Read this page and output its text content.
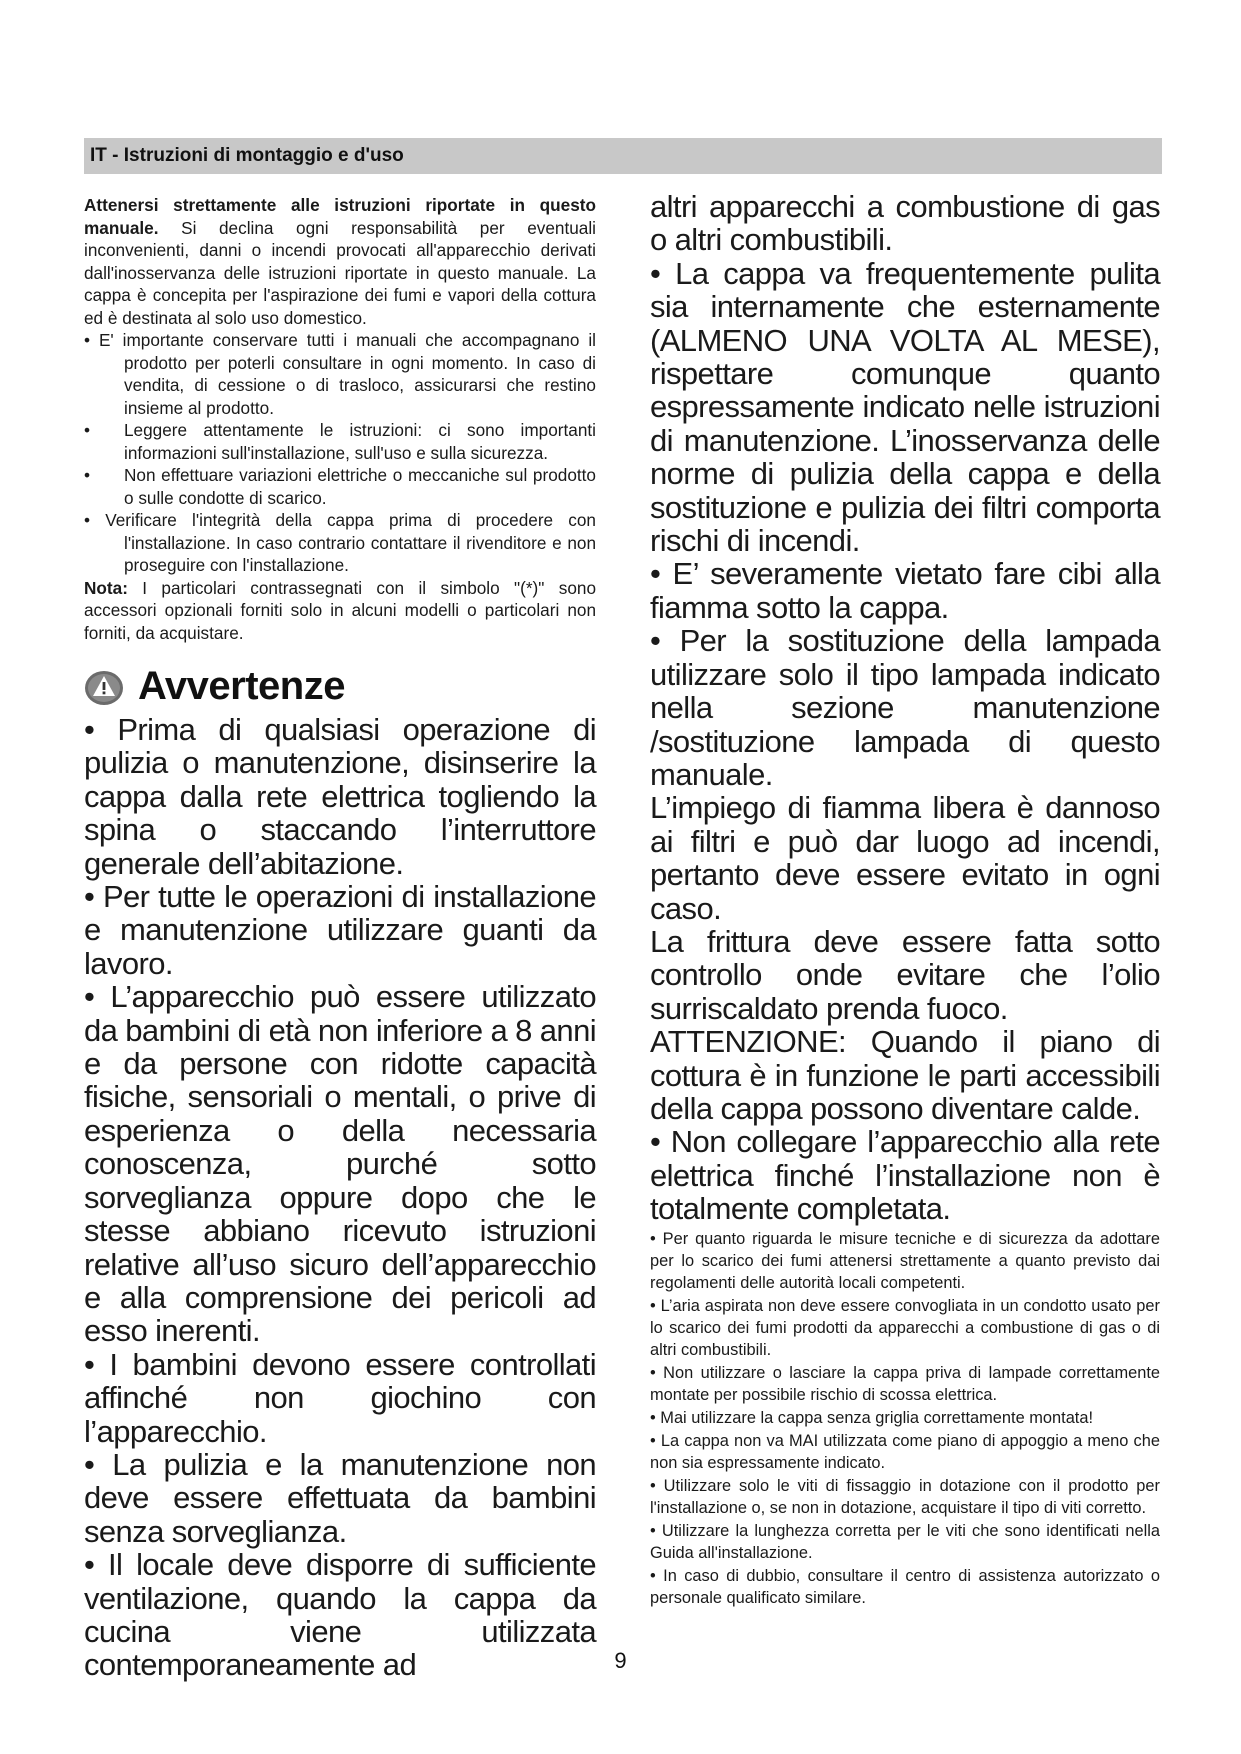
IT - Istruzioni di montaggio e d'uso

Attenersi strettamente alle istruzioni riportate in questo manuale. Si declina ogni responsabilità per eventuali inconvenienti, danni o incendi provocati all'apparecchio derivati dall'inosservanza delle istruzioni riportate in questo manuale. La cappa è concepita per l'aspirazione dei fumi e vapori della cottura ed è destinata al solo uso domestico.

• E' importante conservare tutti i manuali che accompagnano il prodotto per poterli consultare in ogni momento. In caso di vendita, di cessione o di trasloco, assicurarsi che restino insieme al prodotto.

• Leggere attentamente le istruzioni: ci sono importanti informazioni sull'installazione, sull'uso e sulla sicurezza.

• Non effettuare variazioni elettriche o meccaniche sul prodotto o sulle condotte di scarico.

• Verificare l'integrità della cappa prima di procedere con l'installazione. In caso contrario contattare il rivenditore e non proseguire con l'installazione.

Nota: I particolari contrassegnati con il simbolo "(*)" sono accessori opzionali forniti solo in alcuni modelli o particolari non forniti, da acquistare.

Avvertenze

• Prima di qualsiasi operazione di pulizia o manutenzione, disinserire la cappa dalla rete elettrica togliendo la spina o staccando l’interruttore generale dell’abitazione.

• Per tutte le operazioni di installazione e manutenzione utilizzare guanti da lavoro.

• L’apparecchio può essere utilizzato da bambini di età non inferiore a 8 anni e da persone con ridotte capacità fisiche, sensoriali o mentali, o prive di esperienza o della necessaria conoscenza, purché sotto sorveglianza oppure dopo che le stesse abbiano ricevuto istruzioni relative all’uso sicuro dell’apparecchio e alla comprensione dei pericoli ad esso inerenti.

• I bambini devono essere controllati affinché non giochino con l’apparecchio.

• La pulizia e la manutenzione non deve essere effettuata da bambini senza sorveglianza.

• Il locale deve disporre di sufficiente ventilazione, quando la cappa da cucina viene utilizzata contemporaneamente ad

altri apparecchi a combustione di gas o altri combustibili.

• La cappa va frequentemente pulita sia internamente che esternamente (ALMENO UNA VOLTA AL MESE), rispettare comunque quanto espressamente indicato nelle istruzioni di manutenzione. L’inosservanza delle norme di pulizia della cappa e della sostituzione e pulizia dei filtri comporta rischi di incendi.

• E’ severamente vietato fare cibi alla fiamma sotto la cappa.

• Per la sostituzione della lampada utilizzare solo il tipo lampada indicato nella sezione manutenzione /sostituzione lampada di questo manuale.

L’impiego di fiamma libera è dannoso ai filtri e può dar luogo ad incendi, pertanto deve essere evitato in ogni caso.

La frittura deve essere fatta sotto controllo onde evitare che l’olio surriscaldato prenda fuoco.

ATTENZIONE: Quando il piano di cottura è in funzione le parti accessibili della cappa possono diventare calde.

• Non collegare l’apparecchio alla rete elettrica finché l’installazione non è totalmente completata.

• Per quanto riguarda le misure tecniche e di sicurezza da adottare per lo scarico dei fumi attenersi strettamente a quanto previsto dai regolamenti delle autorità locali competenti.

• L’aria aspirata non deve essere convogliata in un condotto usato per lo scarico dei fumi prodotti da apparecchi a combustione di gas o di altri combustibili.

• Non utilizzare o lasciare la cappa priva di lampade correttamente montate per possibile rischio di scossa elettrica.

• Mai utilizzare la cappa senza griglia correttamente montata!

• La cappa non va MAI utilizzata come piano di appoggio a meno che non sia espressamente indicato.

• Utilizzare solo le viti di fissaggio in dotazione con il prodotto per l'installazione o, se non in dotazione, acquistare il tipo di viti corretto.

• Utilizzare la lunghezza corretta per le viti che sono identificati nella Guida all'installazione.

• In caso di dubbio, consultare il centro di assistenza autorizzato o personale qualificato similare.

9
